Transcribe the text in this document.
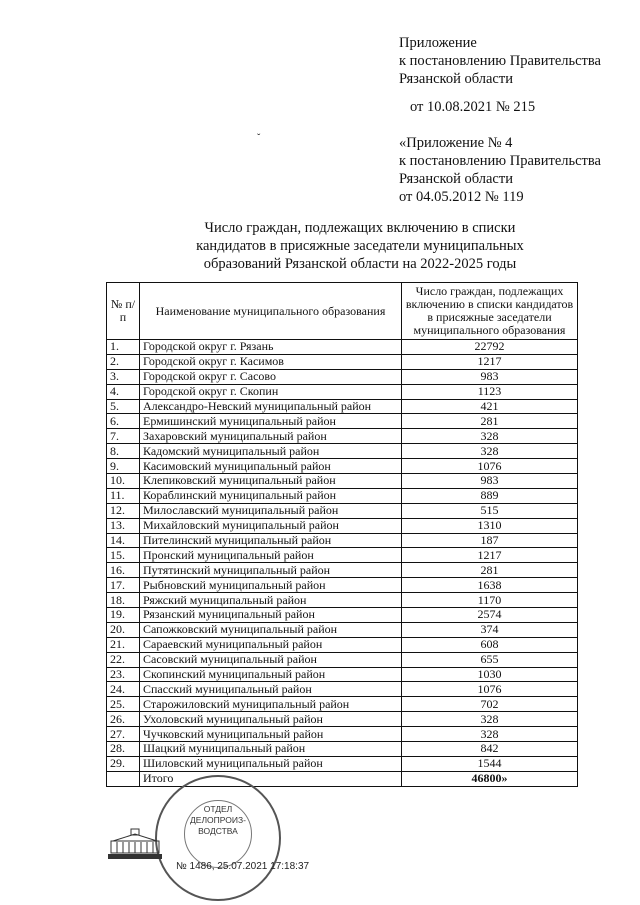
Приложение
к постановлению Правительства
Рязанской области
от 10.08.2021 № 215
ˇ	«Приложение № 4
к постановлению Правительства
Рязанской области
от 04.05.2012 № 119
Число граждан, подлежащих включению в списки
кандидатов в присяжные заседатели муниципальных
образований Рязанской области на 2022-2025 годы
№ п/п	Наименование муниципального образования	Число граждан, подлежащих включению в списки кандидатов в присяжные заседатели муниципального образования
1.	Городской округ г. Рязань	22792
2.	Городской округ г. Касимов	1217
3.	Городской округ г. Сасово	983
4.	Городской округ г. Скопин	1123
5.	Александро-Невский муниципальный район	421
6.	Ермишинский муниципальный район	281
7.	Захаровский муниципальный район	328
8.	Кадомский муниципальный район	328
9.	Касимовский муниципальный район	1076
10.	Клепиковский муниципальный район	983
11.	Кораблинский муниципальный район	889
12.	Милославский муниципальный район	515
13.	Михайловский муниципальный район	1310
14.	Пителинский муниципальный район	187
15.	Пронский муниципальный район	1217
16.	Путятинский муниципальный район	281
17.	Рыбновский муниципальный район	1638
18.	Ряжский муниципальный район	1170
19.	Рязанский муниципальный район	2574
20.	Сапожковский муниципальный район	374
21.	Сараевский муниципальный район	608
22.	Сасовский муниципальный район	655
23.	Скопинский муниципальный район	1030
24.	Спасский муниципальный район	1076
25.	Старожиловский муниципальный район	702
26.	Ухоловский муниципальный район	328
27.	Чучковский муниципальный район	328
28.	Шацкий муниципальный район	842
29.	Шиловский муниципальный район	1544
	Итого	46800»
ОТДЕЛ
ДЕЛОПРОИЗ-
ВОДСТВА
№ 1486, 25.07.2021 17:18:37
